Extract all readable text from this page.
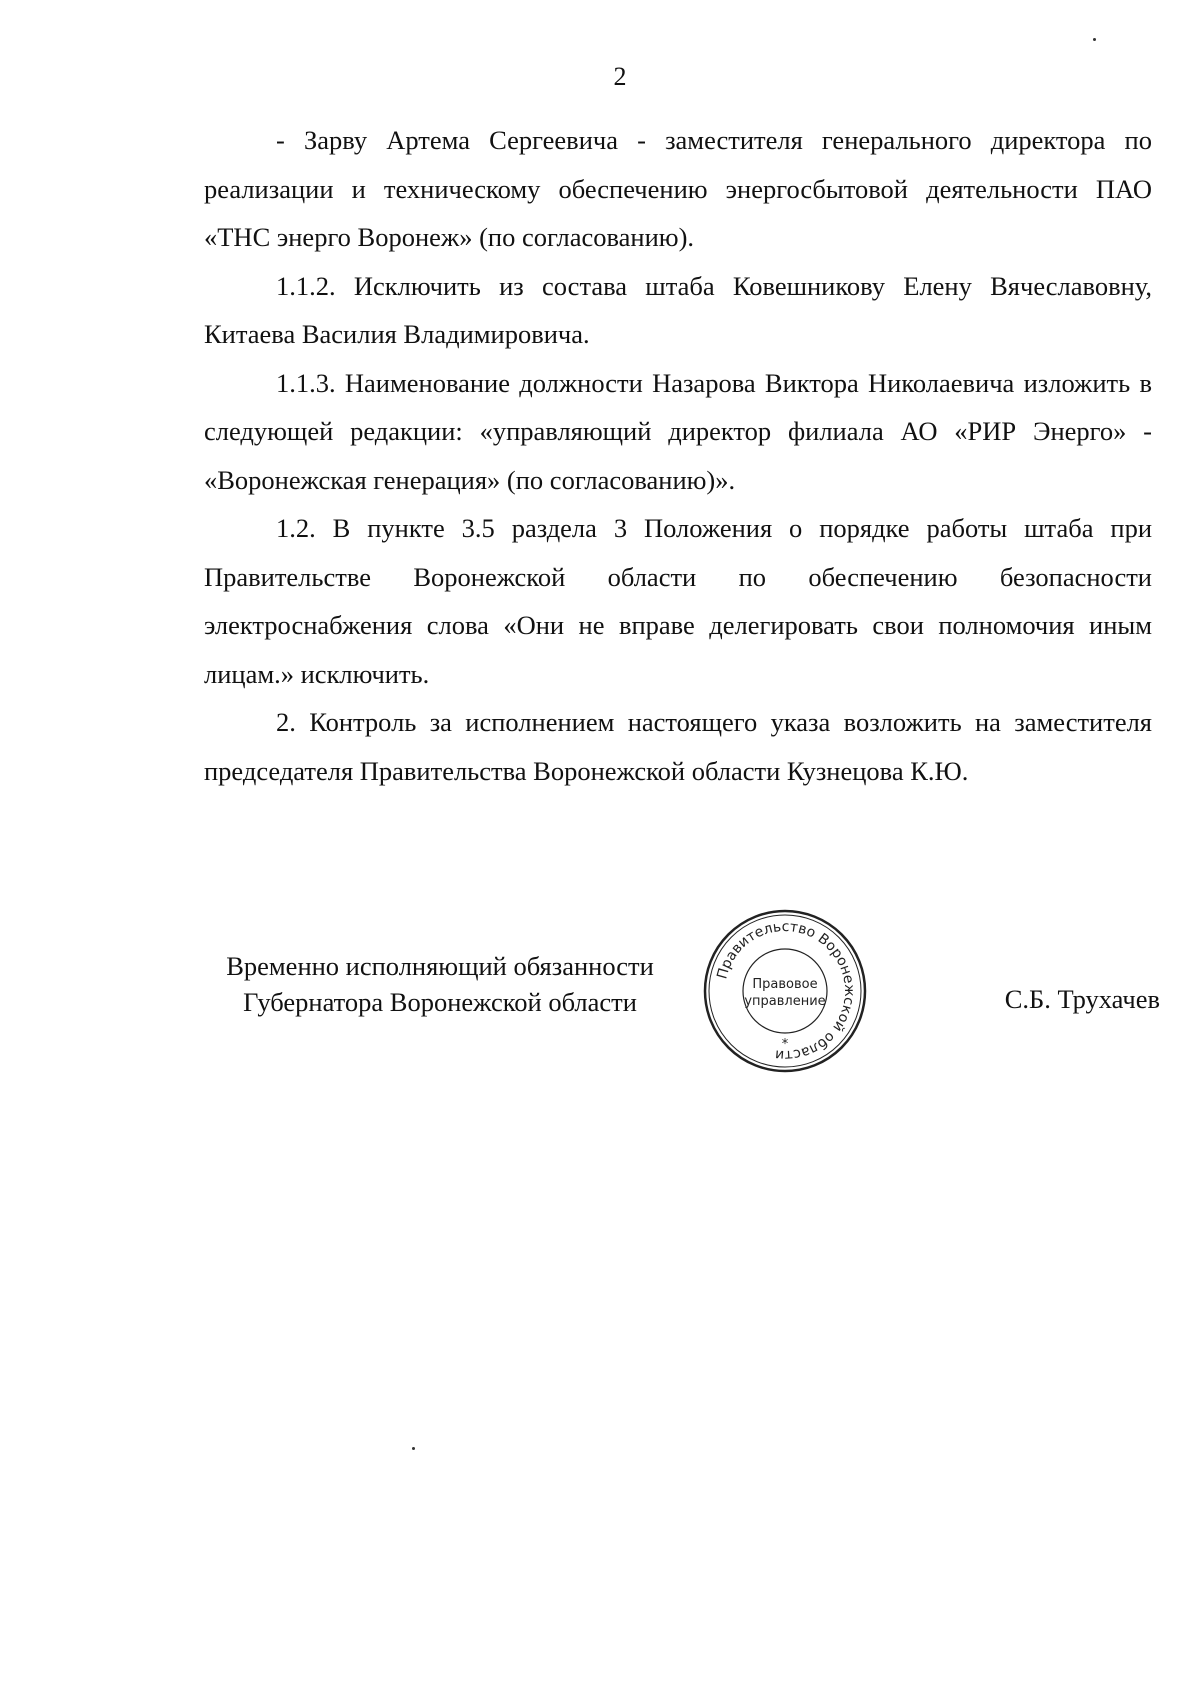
2

- Зарву Артема Сергеевича - заместителя генерального директора по реализации и техническому обеспечению энергосбытовой деятельности ПАО «ТНС энерго Воронеж» (по согласованию).

1.1.2. Исключить из состава штаба Ковешникову Елену Вячеславовну, Китаева Василия Владимировича.

1.1.3. Наименование должности Назарова Виктора Николаевича изложить в следующей редакции: «управляющий директор филиала АО «РИР Энерго» - «Воронежская генерация» (по согласованию)».

1.2. В пункте 3.5 раздела 3 Положения о порядке работы штаба при Правительстве Воронежской области по обеспечению безопасности электроснабжения слова «Они не вправе делегировать свои полномочия иным лицам.» исключить.

2. Контроль за исполнением настоящего указа возложить на заместителя председателя Правительства Воронежской области Кузнецова К.Ю.

Временно исполняющий обязанности
Губернатора Воронежской области
Правительство Воронежской области
Правовое
управление
*
С.Б. Трухачев
